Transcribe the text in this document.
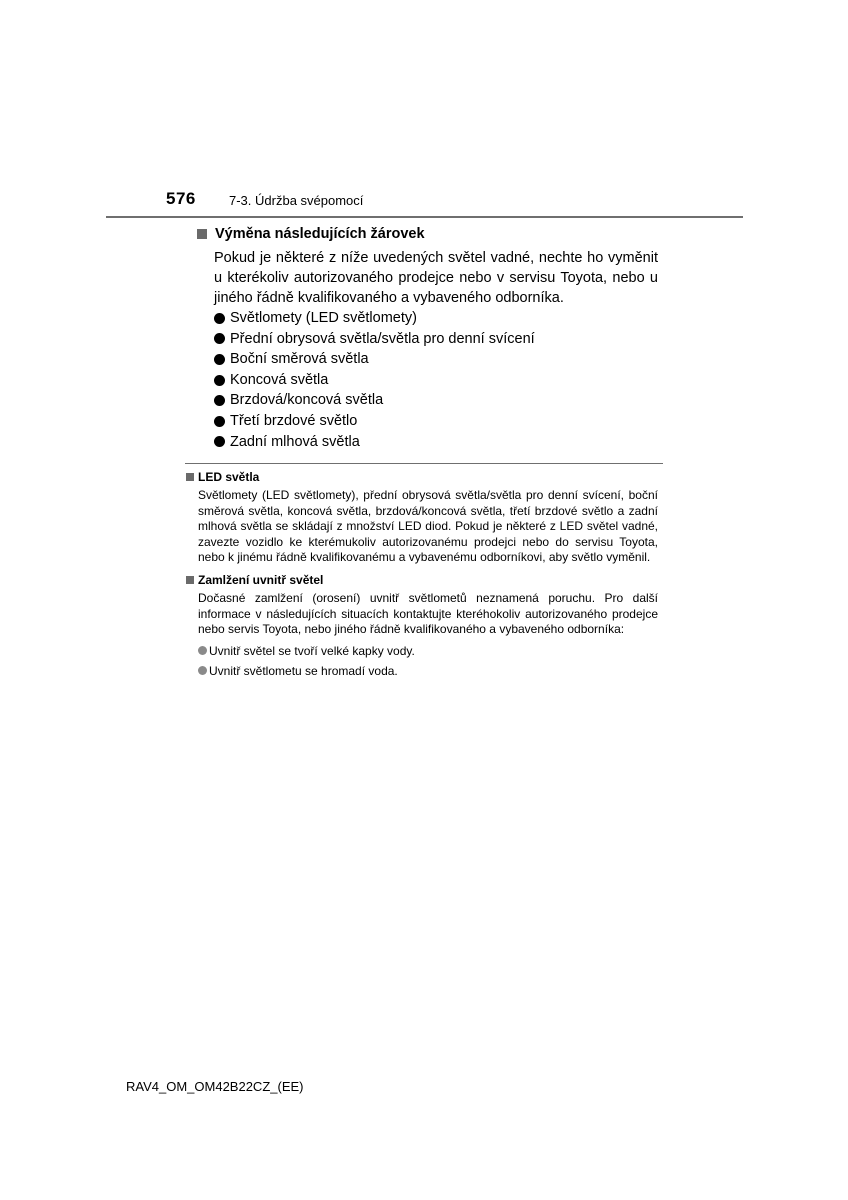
576	7-3. Údržba svépomocí
Výměna následujících žárovek

Pokud je některé z níže uvedených světel vadné, nechte ho vyměnit u kterékoliv autorizovaného prodejce nebo v servisu Toyota, nebo u jiného řádně kvalifikovaného a vybaveného odborníka.

Světlomety (LED světlomety)
Přední obrysová světla/světla pro denní svícení
Boční směrová světla
Koncová světla
Brzdová/koncová světla
Třetí brzdové světlo
Zadní mlhová světla
LED světla

Světlomety (LED světlomety), přední obrysová světla/světla pro denní svícení, boční směrová světla, koncová světla, brzdová/koncová světla, třetí brzdové světlo a zadní mlhová světla se skládají z množství LED diod. Pokud je některé z LED světel vadné, zavezte vozidlo ke kterémukoliv autorizovanému prodejci nebo do servisu Toyota, nebo k jinému řádně kvalifikovanému a vybavenému odborníkovi, aby světlo vyměnil.

Zamlžení uvnitř světel

Dočasné zamlžení (orosení) uvnitř světlometů neznamená poruchu. Pro další informace v následujících situacích kontaktujte kteréhokoliv autorizovaného prodejce nebo servis Toyota, nebo jiného řádně kvalifikovaného a vybaveného odborníka:

Uvnitř světel se tvoří velké kapky vody.
Uvnitř světlometu se hromadí voda.
RAV4_OM_OM42B22CZ_(EE)
